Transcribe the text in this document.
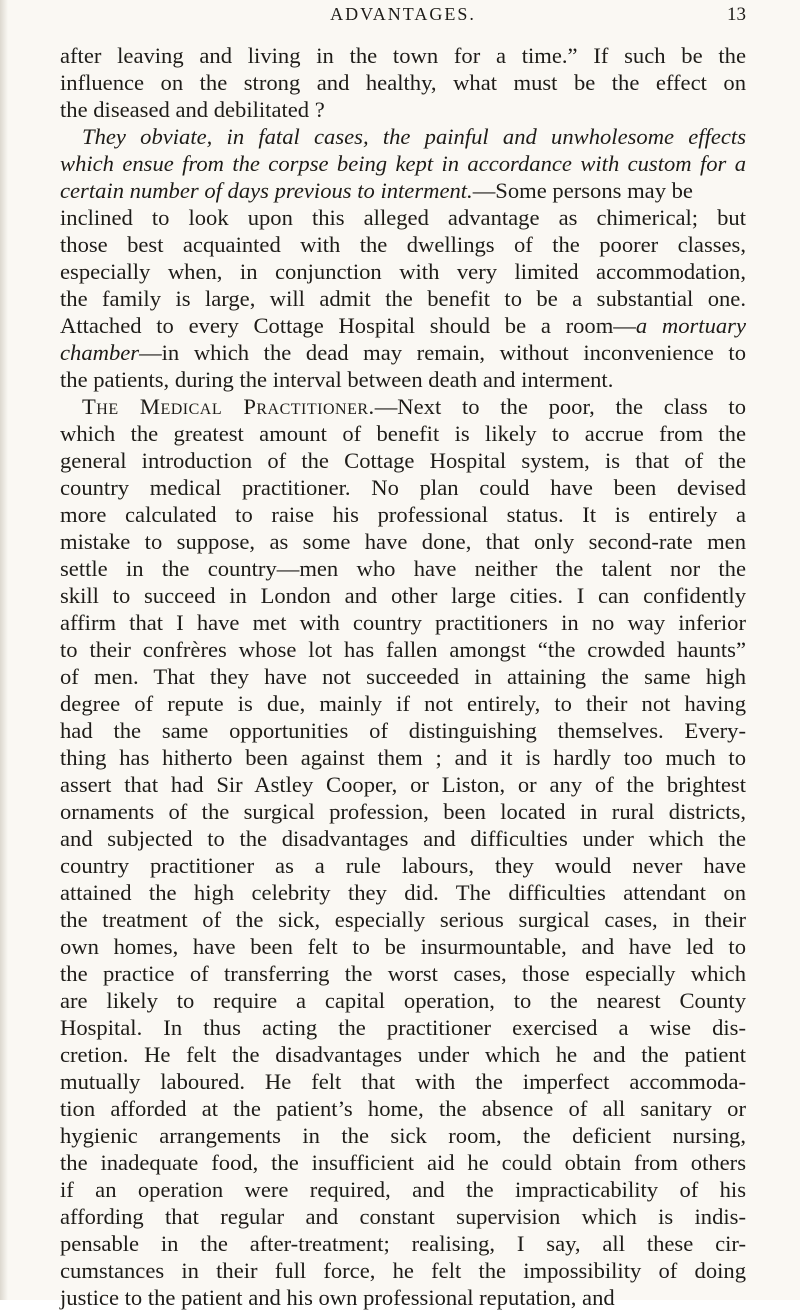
ADVANTAGES.	13
after leaving and living in the town for a time.” If such be the
influence on the strong and healthy, what must be the effect on
the diseased and debilitated ?
They obviate, in fatal cases, the painful and unwholesome effects
which ensue from the corpse being kept in accordance with custom for a
certain number of days previous to interment.—Some persons may be
inclined to look upon this alleged advantage as chimerical; but
those best acquainted with the dwellings of the poorer classes,
especially when, in conjunction with very limited accommodation,
the family is large, will admit the benefit to be a substantial one.
Attached to every Cottage Hospital should be a room—a mortuary
chamber—in which the dead may remain, without inconvenience to
the patients, during the interval between death and interment.
The Medical Practitioner.—Next to the poor, the class to
which the greatest amount of benefit is likely to accrue from the
general introduction of the Cottage Hospital system, is that of the
country medical practitioner. No plan could have been devised
more calculated to raise his professional status. It is entirely a
mistake to suppose, as some have done, that only second-rate men
settle in the country—men who have neither the talent nor the
skill to succeed in London and other large cities. I can confidently
affirm that I have met with country practitioners in no way inferior
to their confrères whose lot has fallen amongst “the crowded haunts”
of men. That they have not succeeded in attaining the same high
degree of repute is due, mainly if not entirely, to their not having
had the same opportunities of distinguishing themselves. Every-
thing has hitherto been against them ; and it is hardly too much to
assert that had Sir Astley Cooper, or Liston, or any of the brightest
ornaments of the surgical profession, been located in rural districts,
and subjected to the disadvantages and difficulties under which the
country practitioner as a rule labours, they would never have
attained the high celebrity they did. The difficulties attendant on
the treatment of the sick, especially serious surgical cases, in their
own homes, have been felt to be insurmountable, and have led to
the practice of transferring the worst cases, those especially which
are likely to require a capital operation, to the nearest County
Hospital. In thus acting the practitioner exercised a wise dis-
cretion. He felt the disadvantages under which he and the patient
mutually laboured. He felt that with the imperfect accommoda-
tion afforded at the patient’s home, the absence of all sanitary or
hygienic arrangements in the sick room, the deficient nursing,
the inadequate food, the insufficient aid he could obtain from others
if an operation were required, and the impracticability of his
affording that regular and constant supervision which is indis-
pensable in the after-treatment; realising, I say, all these cir-
cumstances in their full force, he felt the impossibility of doing
justice to the patient and his own professional reputation, and
